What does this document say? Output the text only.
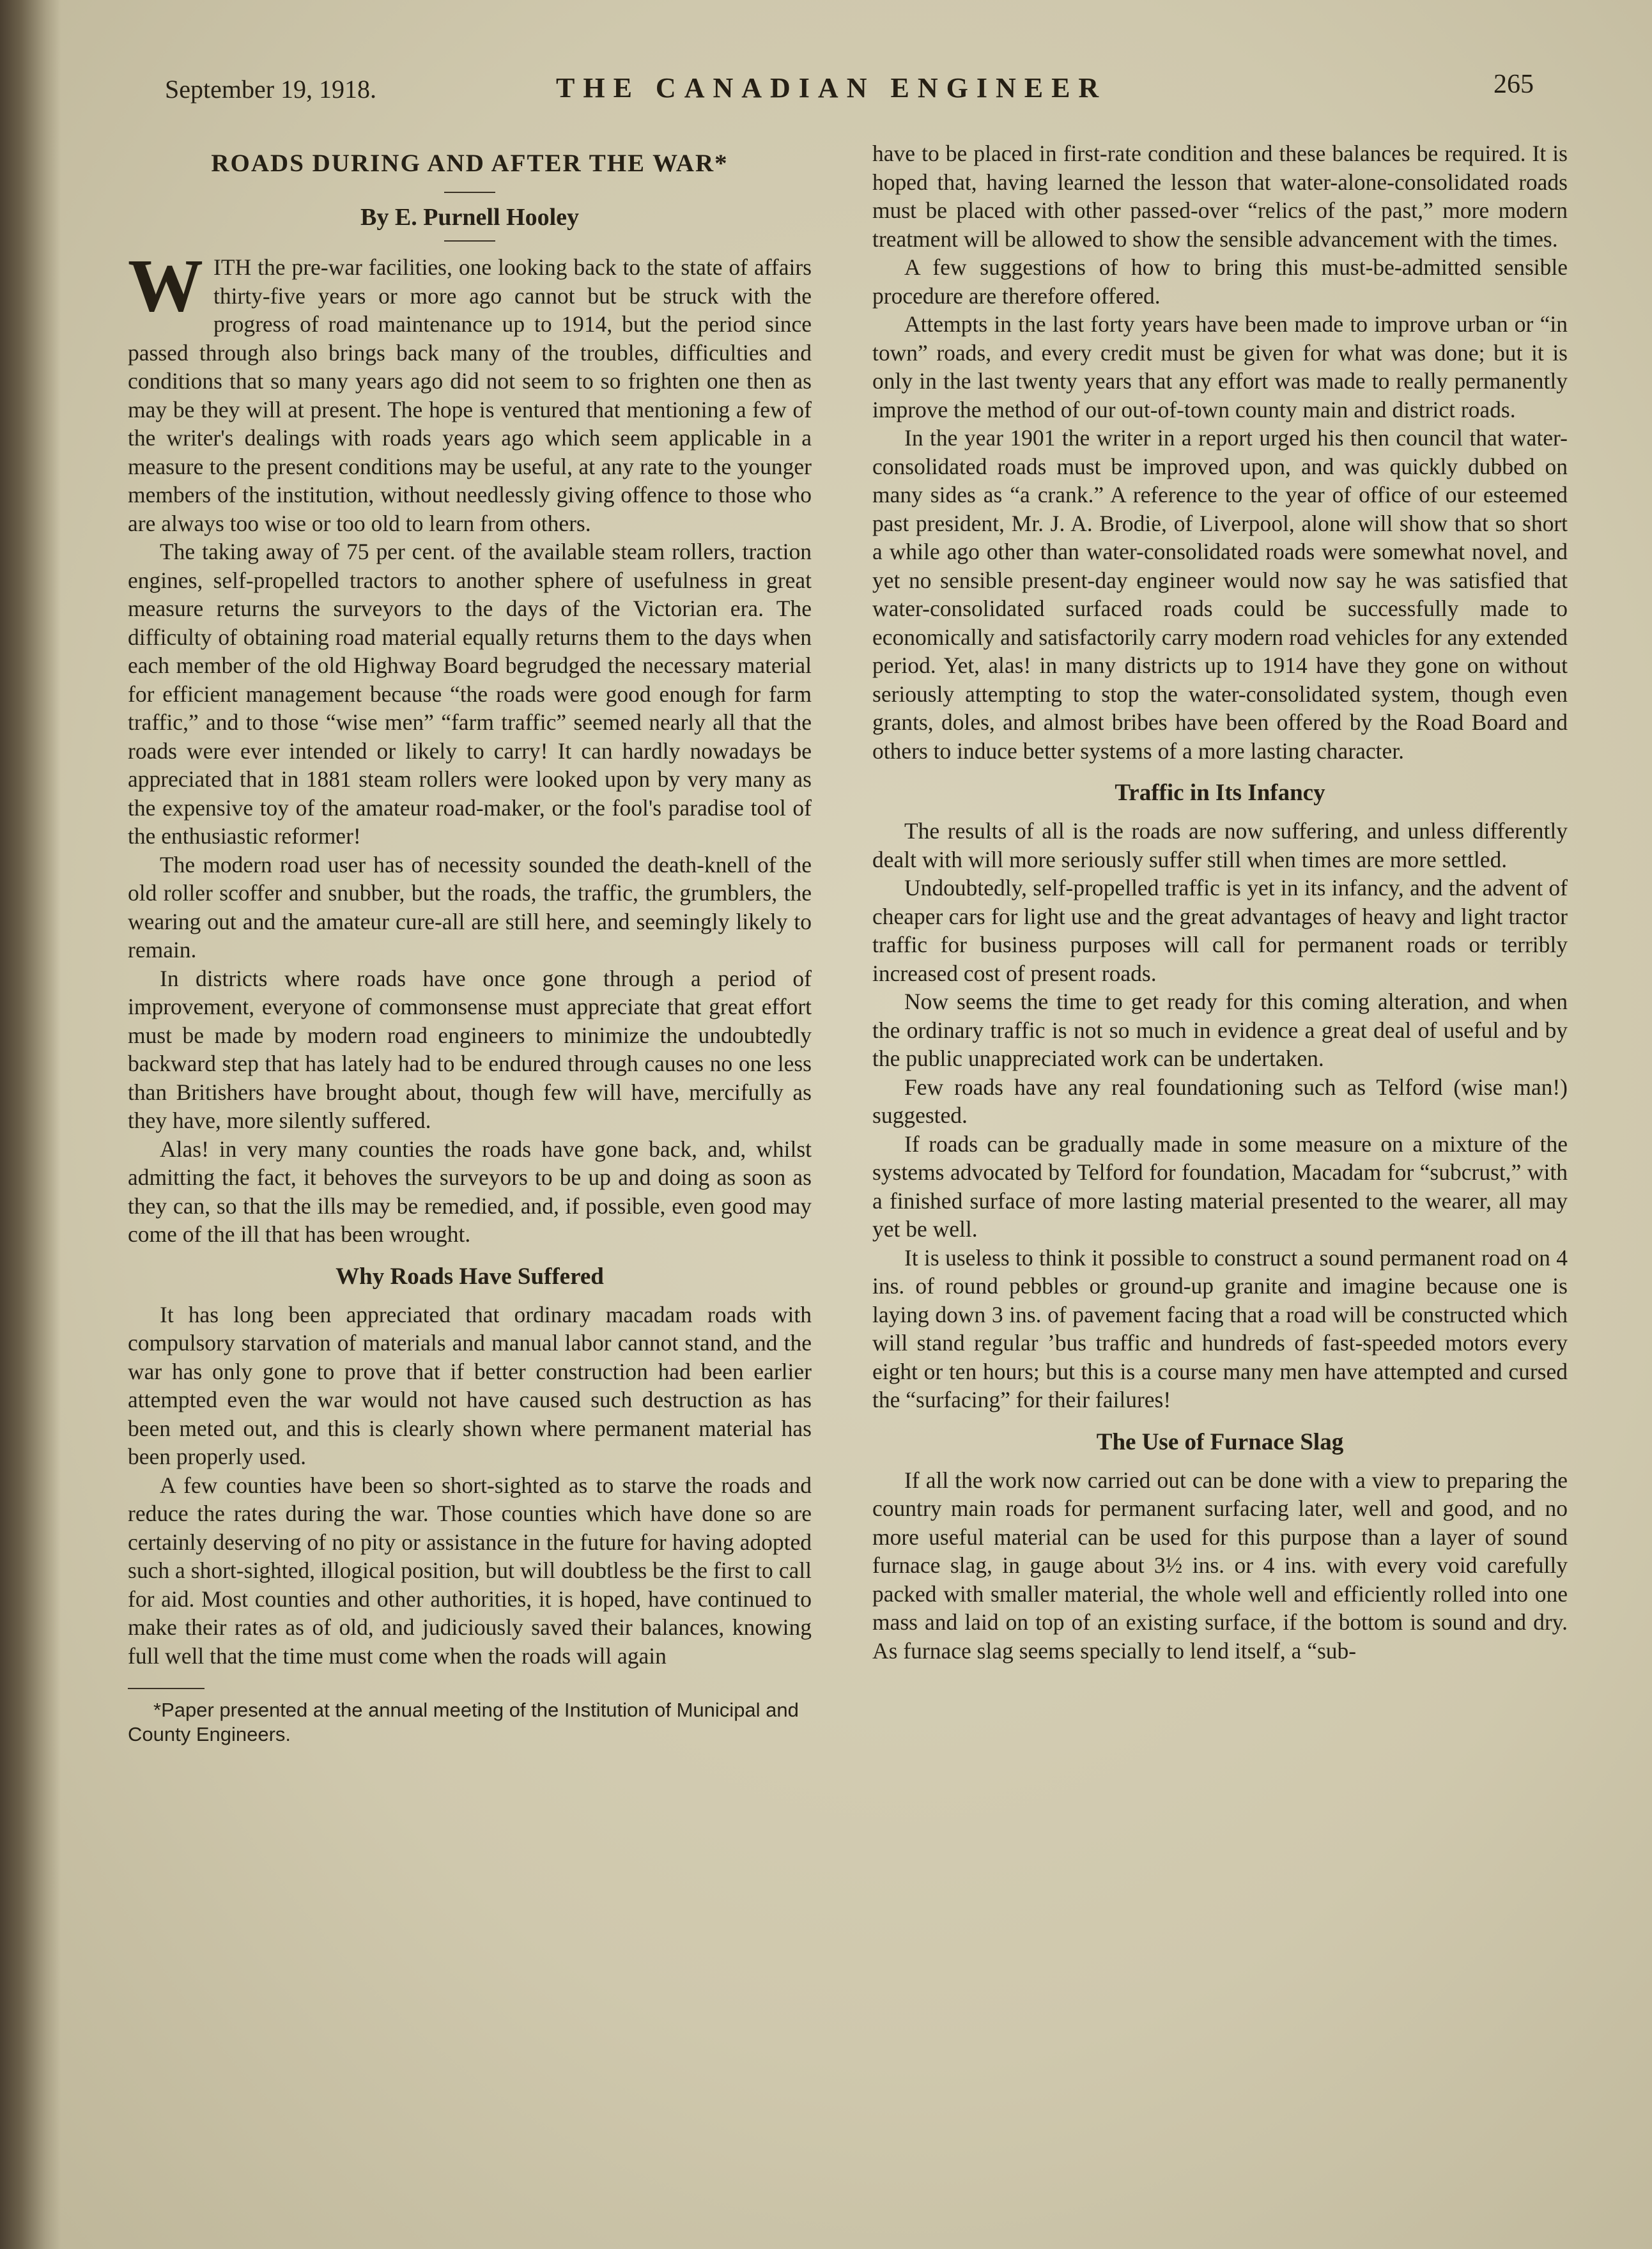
September 19, 1918.	THE CANADIAN ENGINEER	265
ROADS DURING AND AFTER THE WAR*
By E. Purnell Hooley

WITH the pre-war facilities, one looking back to the state of affairs thirty-five years or more ago cannot but be struck with the progress of road maintenance up to 1914, but the period since passed through also brings back many of the troubles, difficulties and conditions that so many years ago did not seem to so frighten one then as may be they will at present. The hope is ventured that mentioning a few of the writer's dealings with roads years ago which seem applicable in a measure to the present conditions may be useful, at any rate to the younger members of the institution, without needlessly giving offence to those who are always too wise or too old to learn from others.

The taking away of 75 per cent. of the available steam rollers, traction engines, self-propelled tractors to another sphere of usefulness in great measure returns the surveyors to the days of the Victorian era. The difficulty of obtaining road material equally returns them to the days when each member of the old Highway Board begrudged the necessary material for efficient management because “the roads were good enough for farm traffic,” and to those “wise men” “farm traffic” seemed nearly all that the roads were ever intended or likely to carry! It can hardly nowadays be appreciated that in 1881 steam rollers were looked upon by very many as the expensive toy of the amateur road-maker, or the fool's paradise tool of the enthusiastic reformer!

The modern road user has of necessity sounded the death-knell of the old roller scoffer and snubber, but the roads, the traffic, the grumblers, the wearing out and the amateur cure-all are still here, and seemingly likely to remain.

In districts where roads have once gone through a period of improvement, everyone of commonsense must appreciate that great effort must be made by modern road engineers to minimize the undoubtedly backward step that has lately had to be endured through causes no one less than Britishers have brought about, though few will have, mercifully as they have, more silently suffered.

Alas! in very many counties the roads have gone back, and, whilst admitting the fact, it behoves the surveyors to be up and doing as soon as they can, so that the ills may be remedied, and, if possible, even good may come of the ill that has been wrought.

Why Roads Have Suffered

It has long been appreciated that ordinary macadam roads with compulsory starvation of materials and manual labor cannot stand, and the war has only gone to prove that if better construction had been earlier attempted even the war would not have caused such destruction as has been meted out, and this is clearly shown where permanent material has been properly used.

A few counties have been so short-sighted as to starve the roads and reduce the rates during the war. Those counties which have done so are certainly deserving of no pity or assistance in the future for having adopted such a short-sighted, illogical position, but will doubtless be the first to call for aid. Most counties and other authorities, it is hoped, have continued to make their rates as of old, and judiciously saved their balances, knowing full well that the time must come when the roads will again

*Paper presented at the annual meeting of the Institution of Municipal and County Engineers.

have to be placed in first-rate condition and these balances be required. It is hoped that, having learned the lesson that water-alone-consolidated roads must be placed with other passed-over “relics of the past,” more modern treatment will be allowed to show the sensible advancement with the times.

A few suggestions of how to bring this must-be-admitted sensible procedure are therefore offered.

Attempts in the last forty years have been made to improve urban or “in town” roads, and every credit must be given for what was done; but it is only in the last twenty years that any effort was made to really permanently improve the method of our out-of-town county main and district roads.

In the year 1901 the writer in a report urged his then council that water-consolidated roads must be improved upon, and was quickly dubbed on many sides as “a crank.” A reference to the year of office of our esteemed past president, Mr. J. A. Brodie, of Liverpool, alone will show that so short a while ago other than water-consolidated roads were somewhat novel, and yet no sensible present-day engineer would now say he was satisfied that water-consolidated surfaced roads could be successfully made to economically and satisfactorily carry modern road vehicles for any extended period. Yet, alas! in many districts up to 1914 have they gone on without seriously attempting to stop the water-consolidated system, though even grants, doles, and almost bribes have been offered by the Road Board and others to induce better systems of a more lasting character.

Traffic in Its Infancy

The results of all is the roads are now suffering, and unless differently dealt with will more seriously suffer still when times are more settled.

Undoubtedly, self-propelled traffic is yet in its infancy, and the advent of cheaper cars for light use and the great advantages of heavy and light tractor traffic for business purposes will call for permanent roads or terribly increased cost of present roads.

Now seems the time to get ready for this coming alteration, and when the ordinary traffic is not so much in evidence a great deal of useful and by the public unappreciated work can be undertaken.

Few roads have any real foundationing such as Telford (wise man!) suggested.

If roads can be gradually made in some measure on a mixture of the systems advocated by Telford for foundation, Macadam for “subcrust,” with a finished surface of more lasting material presented to the wearer, all may yet be well.

It is useless to think it possible to construct a sound permanent road on 4 ins. of round pebbles or ground-up granite and imagine because one is laying down 3 ins. of pavement facing that a road will be constructed which will stand regular ’bus traffic and hundreds of fast-speeded motors every eight or ten hours; but this is a course many men have attempted and cursed the “surfacing” for their failures!

The Use of Furnace Slag

If all the work now carried out can be done with a view to preparing the country main roads for permanent surfacing later, well and good, and no more useful material can be used for this purpose than a layer of sound furnace slag, in gauge about 3½ ins. or 4 ins. with every void carefully packed with smaller material, the whole well and efficiently rolled into one mass and laid on top of an existing surface, if the bottom is sound and dry. As furnace slag seems specially to lend itself, a “sub-
